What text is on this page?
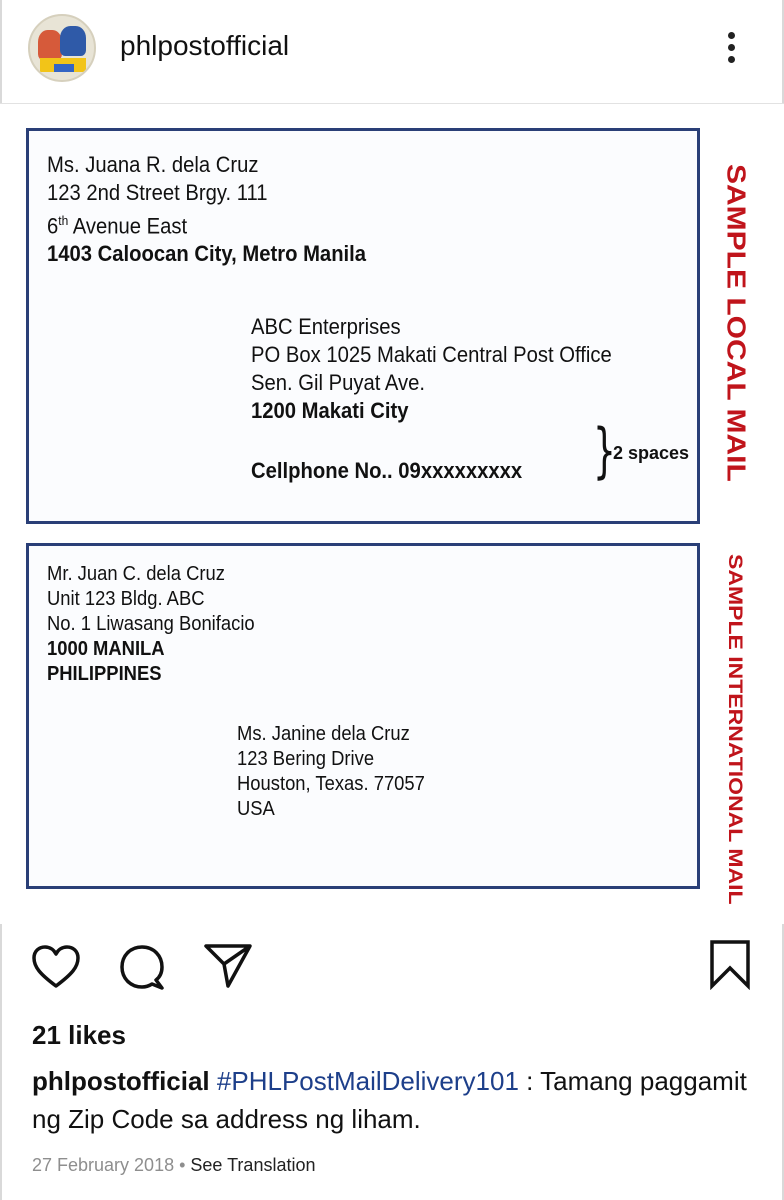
phlpostofficial
Ms. Juana R. dela Cruz
123 2nd Street Brgy. 111
6th Avenue East
1403 Caloocan City, Metro Manila
ABC Enterprises
PO Box 1025 Makati Central Post Office
Sen. Gil Puyat Ave.
1200 Makati City
Cellphone No.. 09xxxxxxxxx }
2 spaces SAMPLE LOCAL MAIL
Mr. Juan C. dela Cruz
Unit 123 Bldg. ABC
No. 1 Liwasang Bonifacio
1000 MANILA
PHILIPPINES
Ms. Janine dela Cruz
123 Bering Drive
Houston, Texas. 77057
USA	SAMPLE INTERNATIONAL MAIL
21 likes
phlpostofficial #PHLPostMailDelivery101 : Tamang paggamit ng Zip Code sa address ng liham.
27 February 2018 • See Translation
